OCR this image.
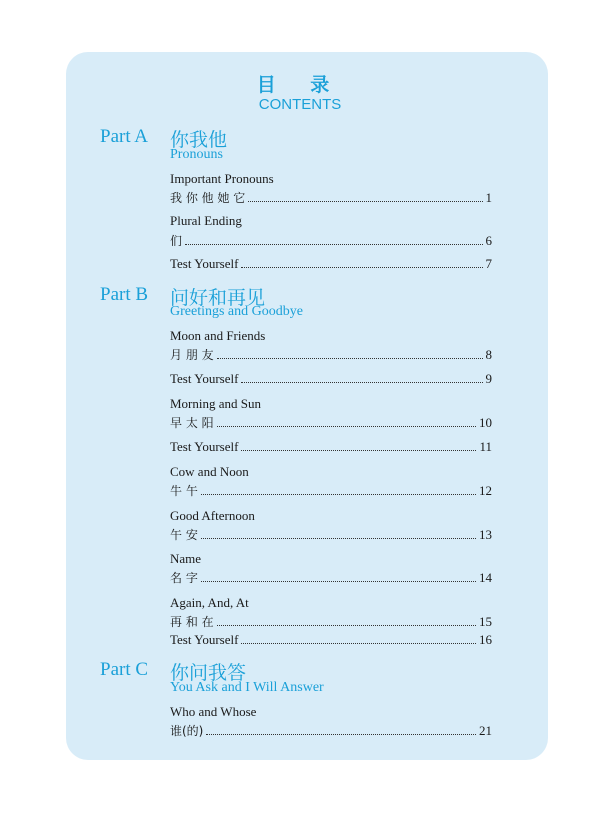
目 录
CONTENTS
Part A 你我他
Pronouns
Important Pronouns
我 你 他 她 它	1
Plural Ending
们	6
Test Yourself	7
Part B 问好和再见
Greetings and Goodbye
Moon and Friends
月 朋 友	8
Test Yourself	9
Morning and Sun
早 太 阳	10
Test Yourself	11
Cow and Noon
牛 午	12
Good Afternoon
午 安	13
Name
名 字	14
Again, And, At
再 和 在	15
Test Yourself	16
Part C 你问我答
You Ask and I Will Answer
Who and Whose
谁(的)	21
